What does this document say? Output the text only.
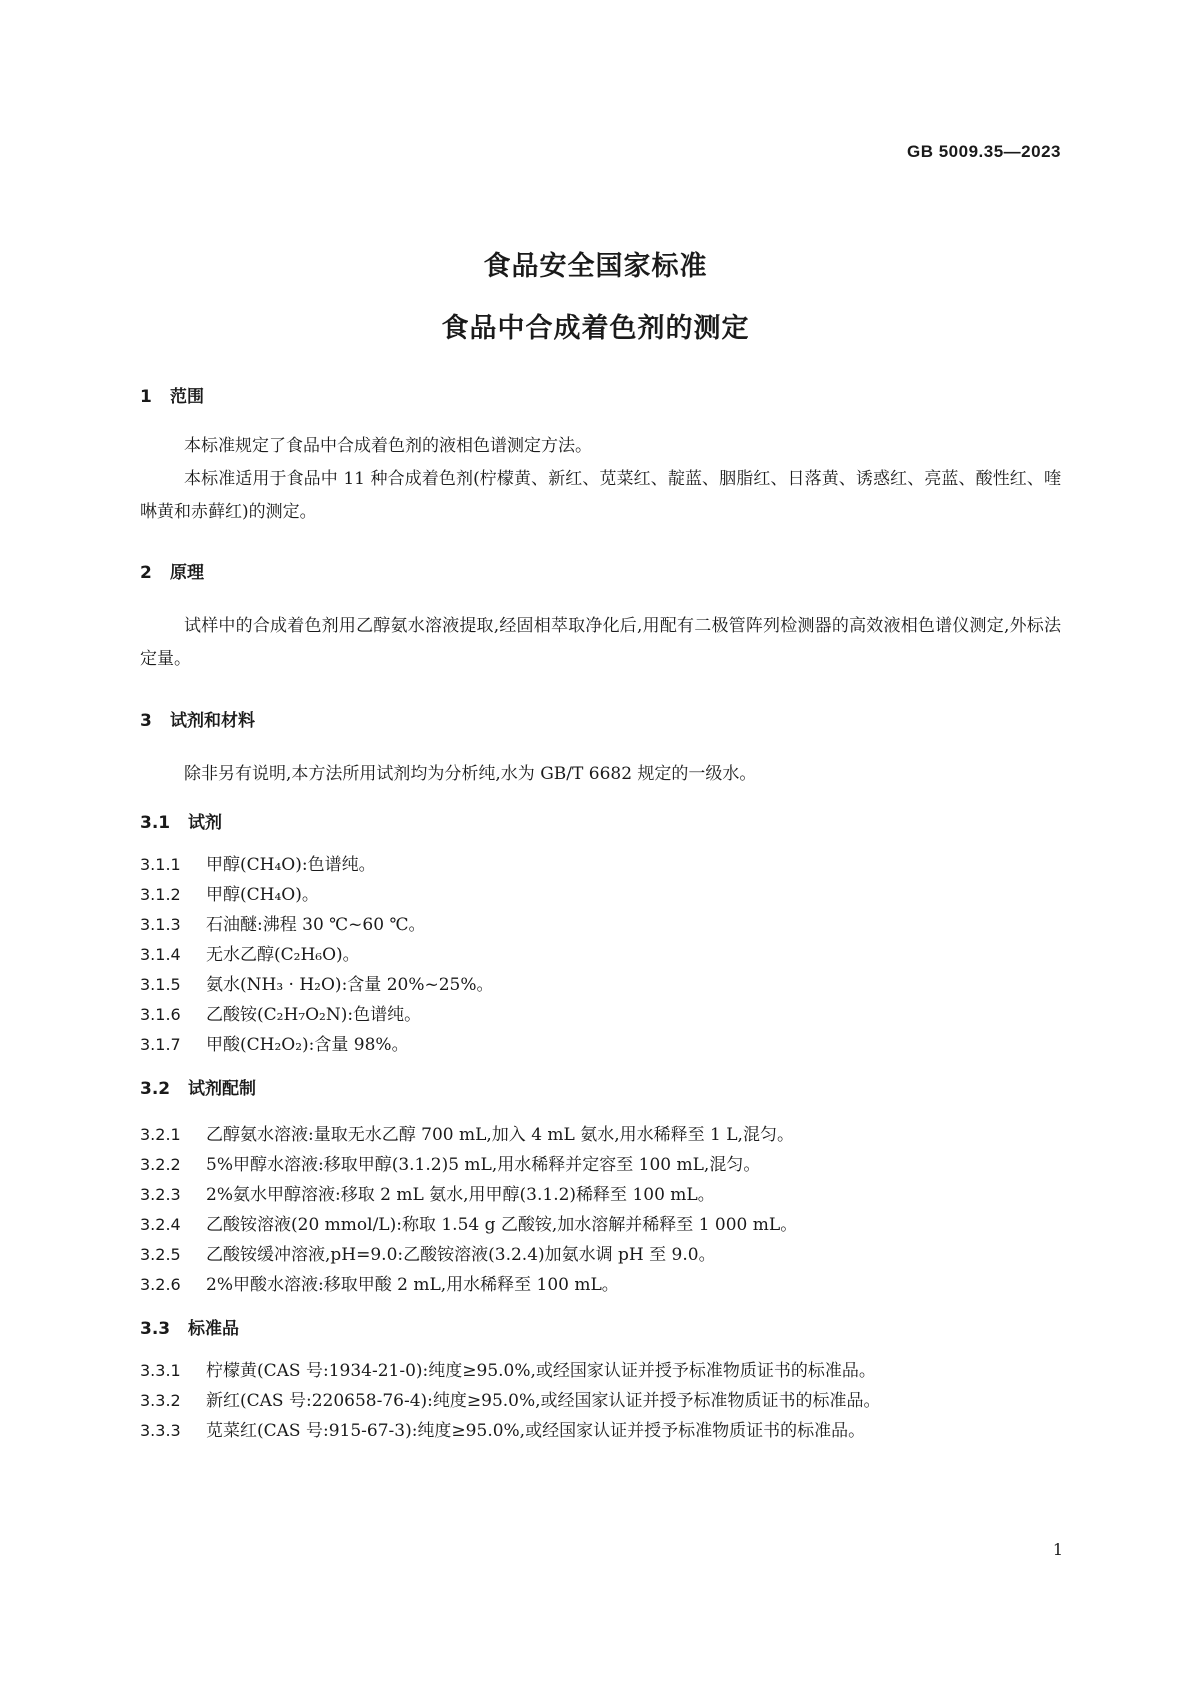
GB 5009.35—2023
食品安全国家标准
食品中合成着色剂的测定
1 范围
本标准规定了食品中合成着色剂的液相色谱测定方法。
本标准适用于食品中 11 种合成着色剂(柠檬黄、新红、苋菜红、靛蓝、胭脂红、日落黄、诱惑红、亮蓝、酸性红、喹啉黄和赤藓红)的测定。
2 原理
试样中的合成着色剂用乙醇氨水溶液提取,经固相萃取净化后,用配有二极管阵列检测器的高效液相色谱仪测定,外标法定量。
3 试剂和材料
除非另有说明,本方法所用试剂均为分析纯,水为 GB/T 6682 规定的一级水。
3.1 试剂
3.1.1 甲醇(CH₄O):色谱纯。
3.1.2 甲醇(CH₄O)。
3.1.3 石油醚:沸程 30 ℃~60 ℃。
3.1.4 无水乙醇(C₂H₆O)。
3.1.5 氨水(NH₃ · H₂O):含量 20%~25%。
3.1.6 乙酸铵(C₂H₇O₂N):色谱纯。
3.1.7 甲酸(CH₂O₂):含量 98%。
3.2 试剂配制
3.2.1 乙醇氨水溶液:量取无水乙醇 700 mL,加入 4 mL 氨水,用水稀释至 1 L,混匀。
3.2.2 5%甲醇水溶液:移取甲醇(3.1.2)5 mL,用水稀释并定容至 100 mL,混匀。
3.2.3 2%氨水甲醇溶液:移取 2 mL 氨水,用甲醇(3.1.2)稀释至 100 mL。
3.2.4 乙酸铵溶液(20 mmol/L):称取 1.54 g 乙酸铵,加水溶解并稀释至 1 000 mL。
3.2.5 乙酸铵缓冲溶液,pH=9.0:乙酸铵溶液(3.2.4)加氨水调 pH 至 9.0。
3.2.6 2%甲酸水溶液:移取甲酸 2 mL,用水稀释至 100 mL。
3.3 标准品
3.3.1 柠檬黄(CAS 号:1934-21-0):纯度≥95.0%,或经国家认证并授予标准物质证书的标准品。
3.3.2 新红(CAS 号:220658-76-4):纯度≥95.0%,或经国家认证并授予标准物质证书的标准品。
3.3.3 苋菜红(CAS 号:915-67-3):纯度≥95.0%,或经国家认证并授予标准物质证书的标准品。
1
